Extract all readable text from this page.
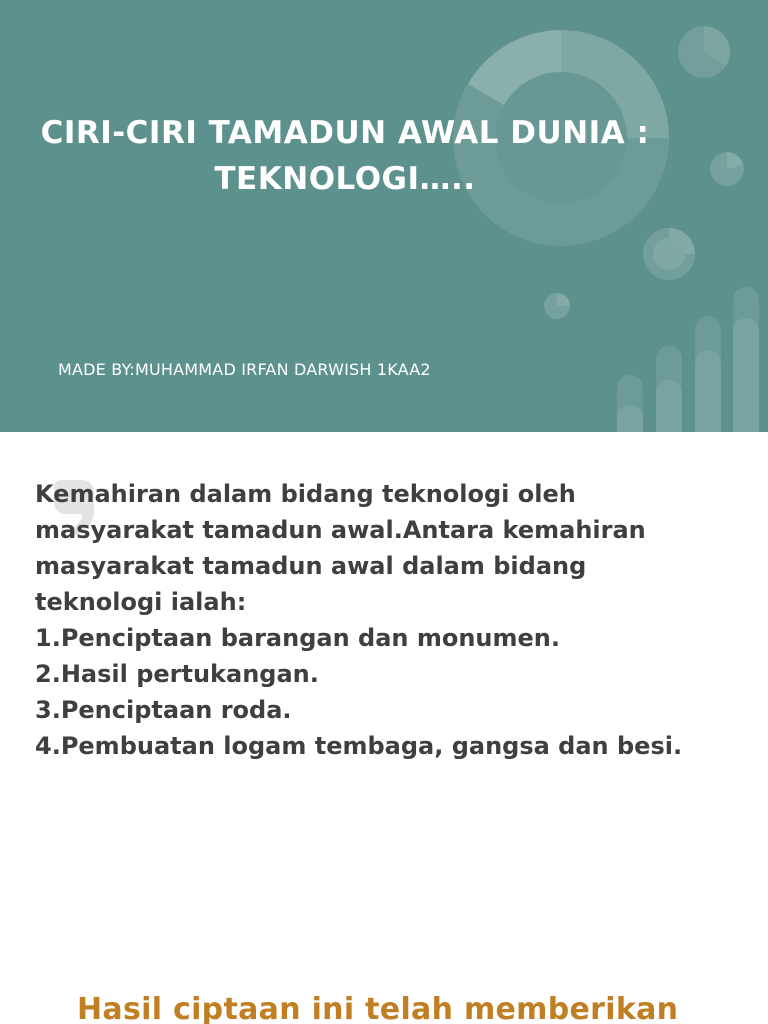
CIRI-CIRI TAMADUN AWAL DUNIA :
TEKNOLOGI…..
MADE BY:MUHAMMAD IRFAN DARWISH 1KAA2
Kemahiran dalam bidang teknologi oleh
masyarakat tamadun awal.Antara kemahiran
masyarakat tamadun awal dalam bidang
teknologi ialah:
1.Penciptaan barangan dan monumen.
2.Hasil pertukangan.
3.Penciptaan roda.
4.Pembuatan logam tembaga, gangsa dan besi.
Hasil ciptaan ini telah memberikan
